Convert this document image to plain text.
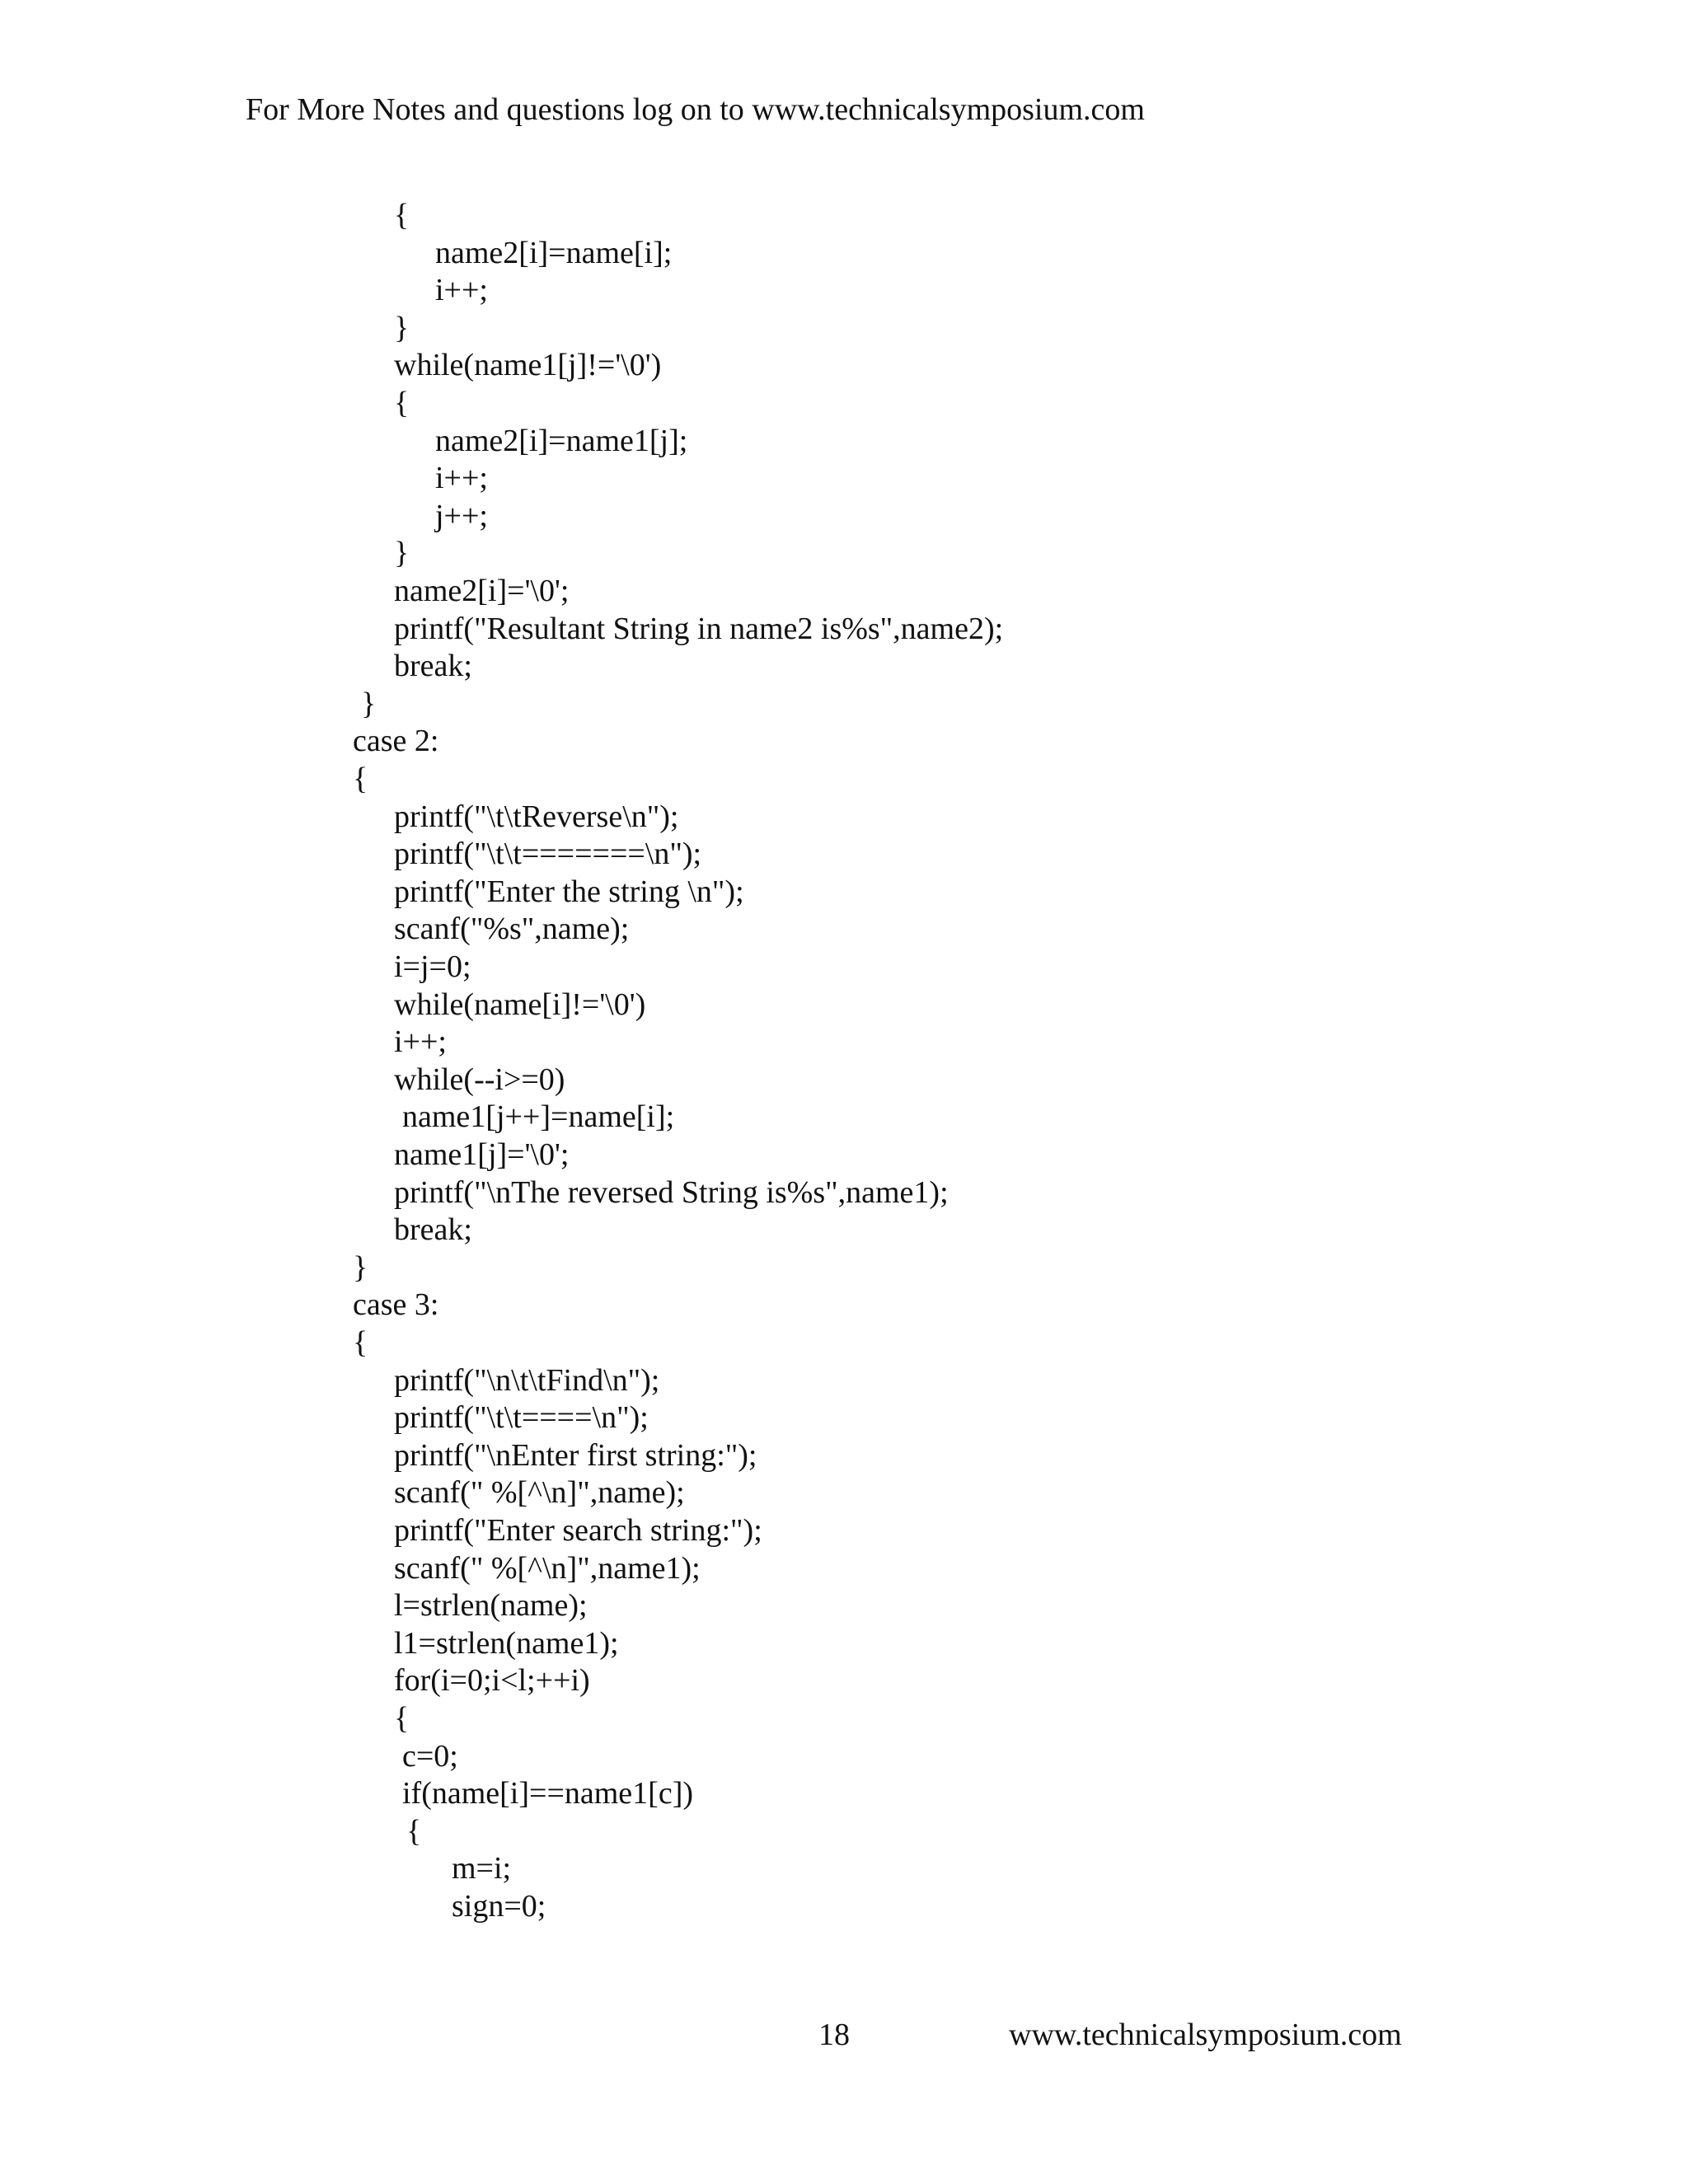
For More Notes and questions log on to www.technicalsymposium.com
{
name2[i]=name[i];
i++;
}
while(name1[j]!='\0')
{
name2[i]=name1[j];
i++;
j++;
}
name2[i]='\0';
printf("Resultant String in name2 is%s",name2);
break;
}
case 2:
{
printf("\t\tReverse\n");
printf("\t\t=======\n");
printf("Enter the string \n");
scanf("%s",name);
i=j=0;
while(name[i]!='\0')
i++;
while(--i>=0)
name1[j++]=name[i];
name1[j]='\0';
printf("\nThe reversed String is%s",name1);
break;
}
case 3:
{
printf("\n\t\tFind\n");
printf("\t\t====\n");
printf("\nEnter first string:");
scanf(" %[^\n]",name);
printf("Enter search string:");
scanf(" %[^\n]",name1);
l=strlen(name);
l1=strlen(name1);
for(i=0;i<l;++i)
{
c=0;
if(name[i]==name1[c])
{
m=i;
sign=0;
18	www.technicalsymposium.com
